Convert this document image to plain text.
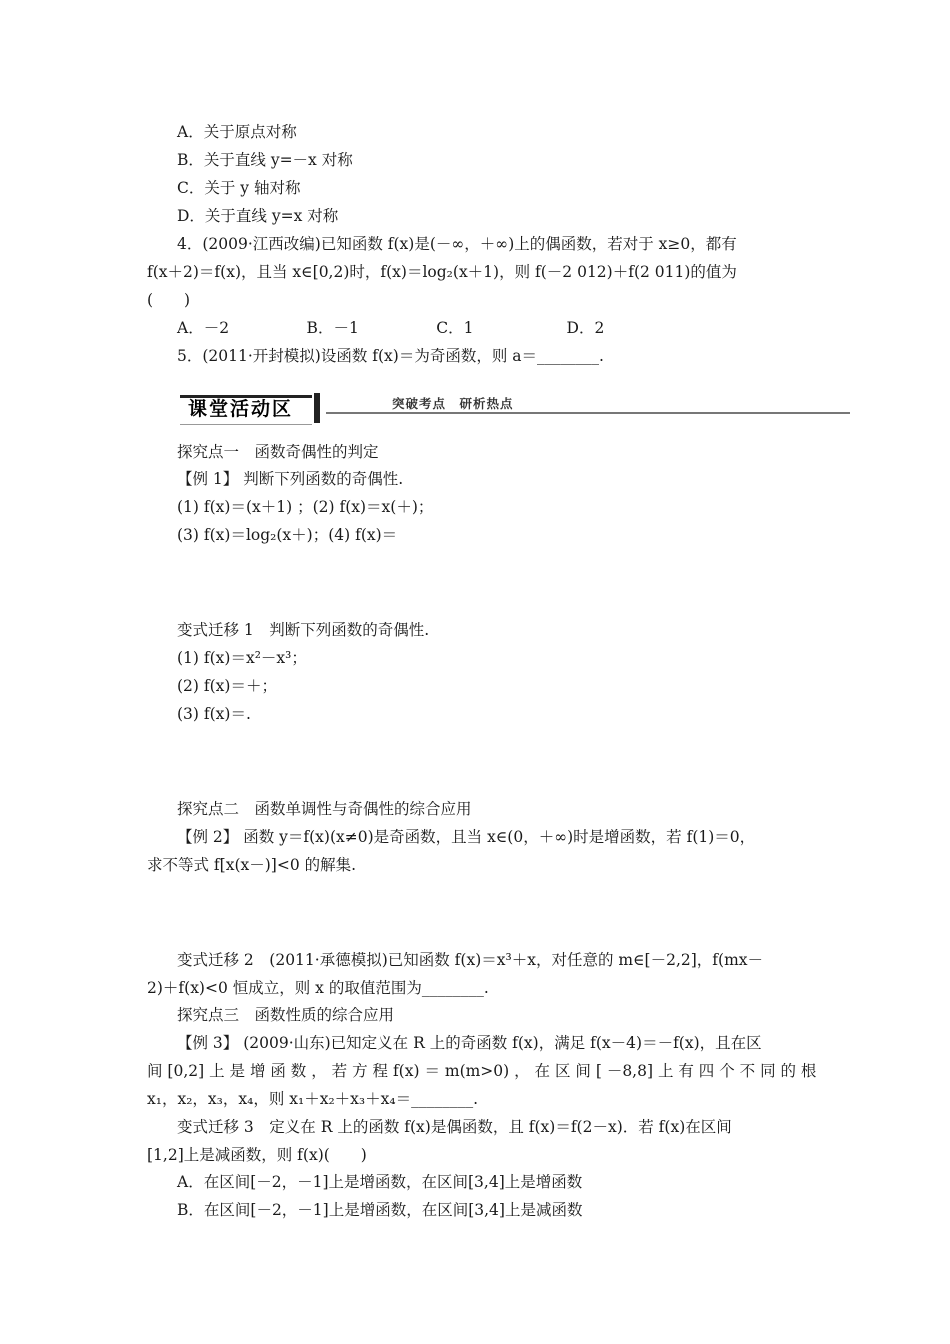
A．关于原点对称
B．关于直线 y=－x 对称
C．关于 y 轴对称
D．关于直线 y=x 对称
4．(2009·江西改编)已知函数 f(x)是(－∞，＋∞)上的偶函数，若对于 x≥0，都有
f(x＋2)＝f(x)，且当 x∈[0,2)时，f(x)＝log₂(x＋1)，则 f(－2 012)＋f(2 011)的值为
(　　)
A．－2　　　　　B．－1　　　　　C．1　　　　　　D．2
5．(2011·开封模拟)设函数 f(x)＝为奇函数，则 a＝________.
课堂活动区	突破考点　研析热点
探究点一　函数奇偶性的判定
【例 1】 判断下列函数的奇偶性.
(1) f(x)＝(x＋1) ；(2) f(x)＝x(＋)；
(3) f(x)＝log₂(x＋)；(4) f(x)＝
变式迁移 1　判断下列函数的奇偶性.
(1) f(x)＝x²－x³；
(2) f(x)＝＋；
(3) f(x)＝.
探究点二　函数单调性与奇偶性的综合应用
【例 2】 函数 y＝f(x)(x≠0)是奇函数，且当 x∈(0，＋∞)时是增函数，若 f(1)＝0，
求不等式 f[x(x－)]<0 的解集.
变式迁移 2　(2011·承德模拟)已知函数 f(x)＝x³＋x，对任意的 m∈[－2,2]，f(mx－
2)＋f(x)<0 恒成立，则 x 的取值范围为________.
探究点三　函数性质的综合应用
【例 3】 (2009·山东)已知定义在 R 上的奇函数 f(x)，满足 f(x－4)＝－f(x)，且在区
间 [0,2] 上 是 增 函 数 ， 若 方 程 f(x) ＝ m(m>0) ， 在 区 间 [ －8,8] 上 有 四 个 不 同 的 根
x₁，x₂，x₃，x₄，则 x₁＋x₂＋x₃＋x₄＝________.
变式迁移 3　定义在 R 上的函数 f(x)是偶函数，且 f(x)＝f(2－x)．若 f(x)在区间
[1,2]上是减函数，则 f(x)(　　)
A．在区间[－2，－1]上是增函数，在区间[3,4]上是增函数
B．在区间[－2，－1]上是增函数，在区间[3,4]上是减函数
